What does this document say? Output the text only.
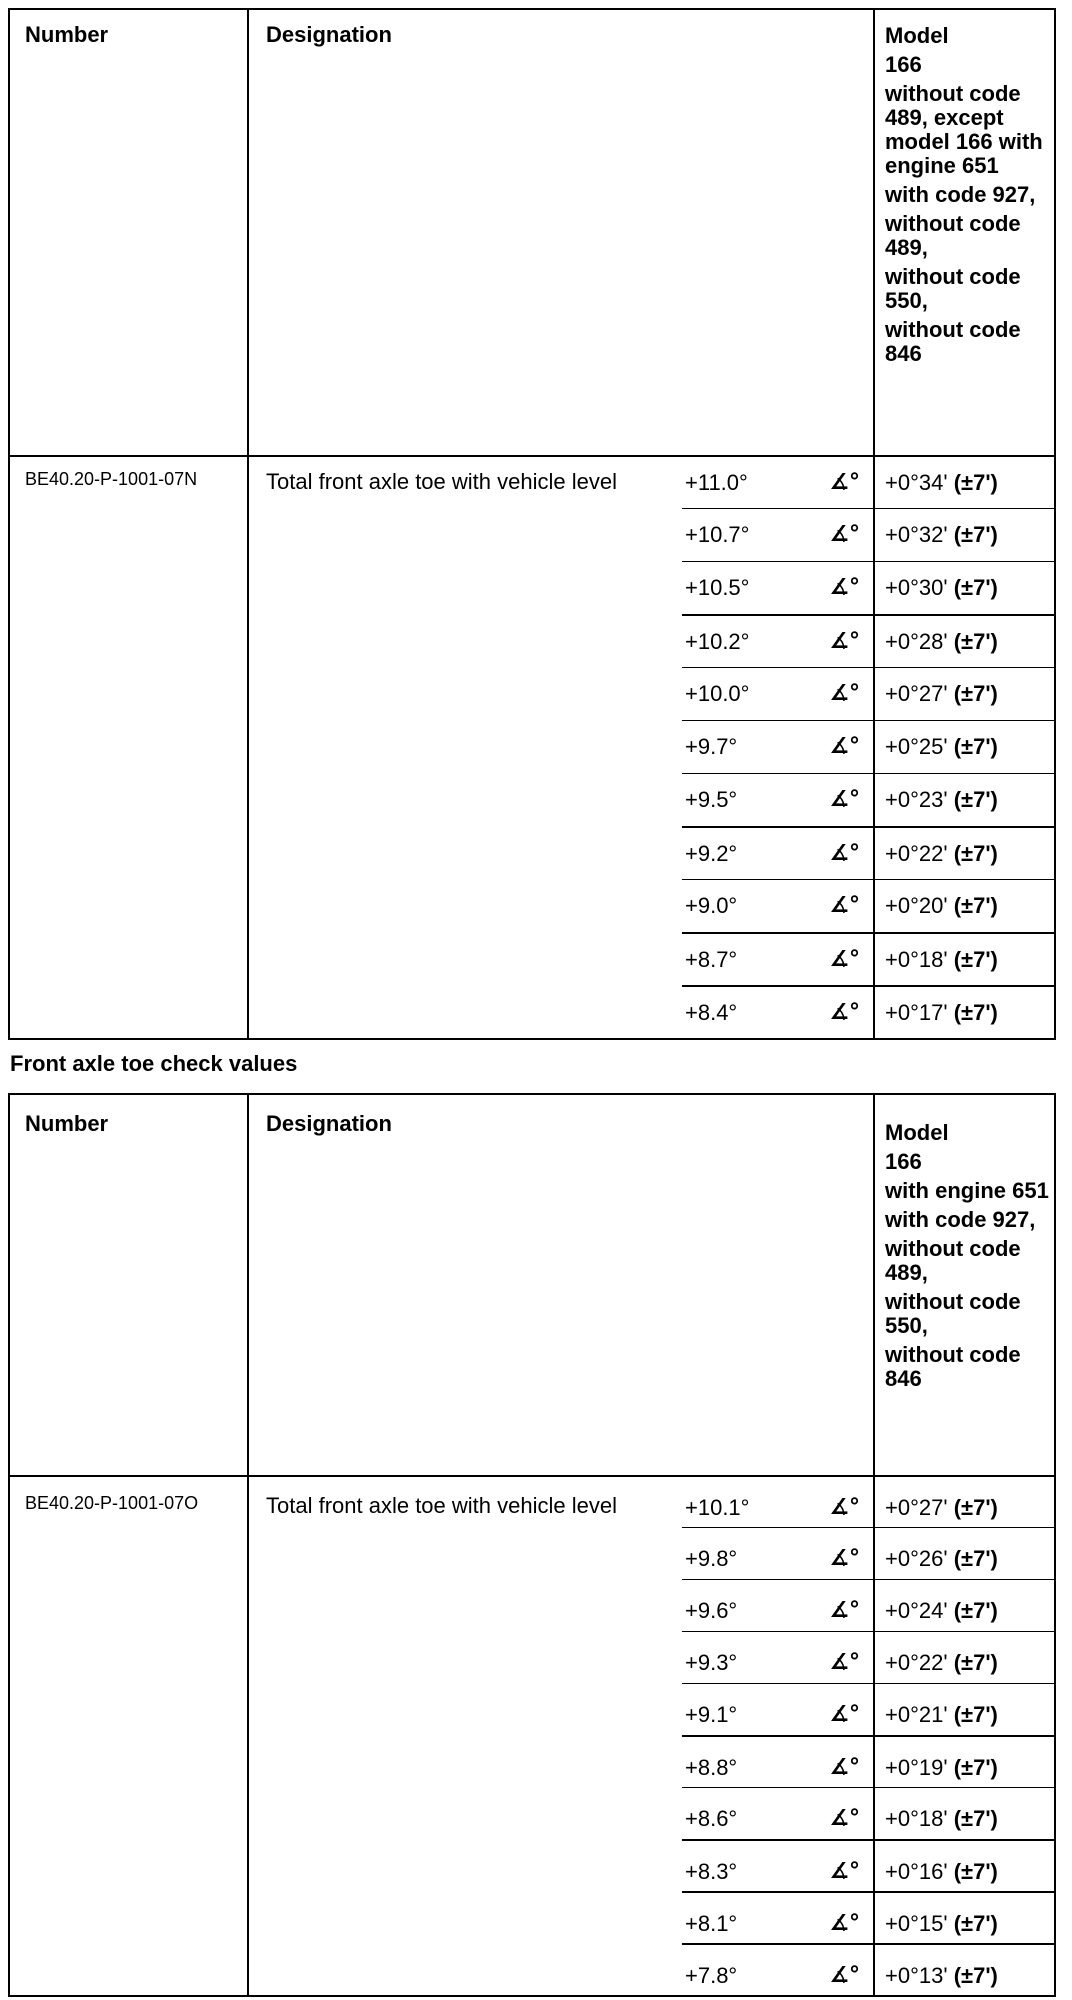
Number	Designation	Model
166
without code 489, except model 166 with engine 651
with code 927,
without code 489,
without code 550,
without code 846
BE40.20-P-1001-07N	Total front axle toe with vehicle level	+11.0°	∡°	+0°34' (±7')
+10.7°	∡°	+0°32' (±7')
+10.5°	∡°	+0°30' (±7')
+10.2°	∡°	+0°28' (±7')
+10.0°	∡°	+0°27' (±7')
+9.7°	∡°	+0°25' (±7')
+9.5°	∡°	+0°23' (±7')
+9.2°	∡°	+0°22' (±7')
+9.0°	∡°	+0°20' (±7')
+8.7°	∡°	+0°18' (±7')
+8.4°	∡°	+0°17' (±7')
Front axle toe check values
Number	Designation	Model
166
with engine 651
with code 927,
without code 489,
without code 550,
without code 846
BE40.20-P-1001-07O	Total front axle toe with vehicle level	+10.1°	∡°	+0°27' (±7')
+9.8°	∡°	+0°26' (±7')
+9.6°	∡°	+0°24' (±7')
+9.3°	∡°	+0°22' (±7')
+9.1°	∡°	+0°21' (±7')
+8.8°	∡°	+0°19' (±7')
+8.6°	∡°	+0°18' (±7')
+8.3°	∡°	+0°16' (±7')
+8.1°	∡°	+0°15' (±7')
+7.8°	∡°	+0°13' (±7')
